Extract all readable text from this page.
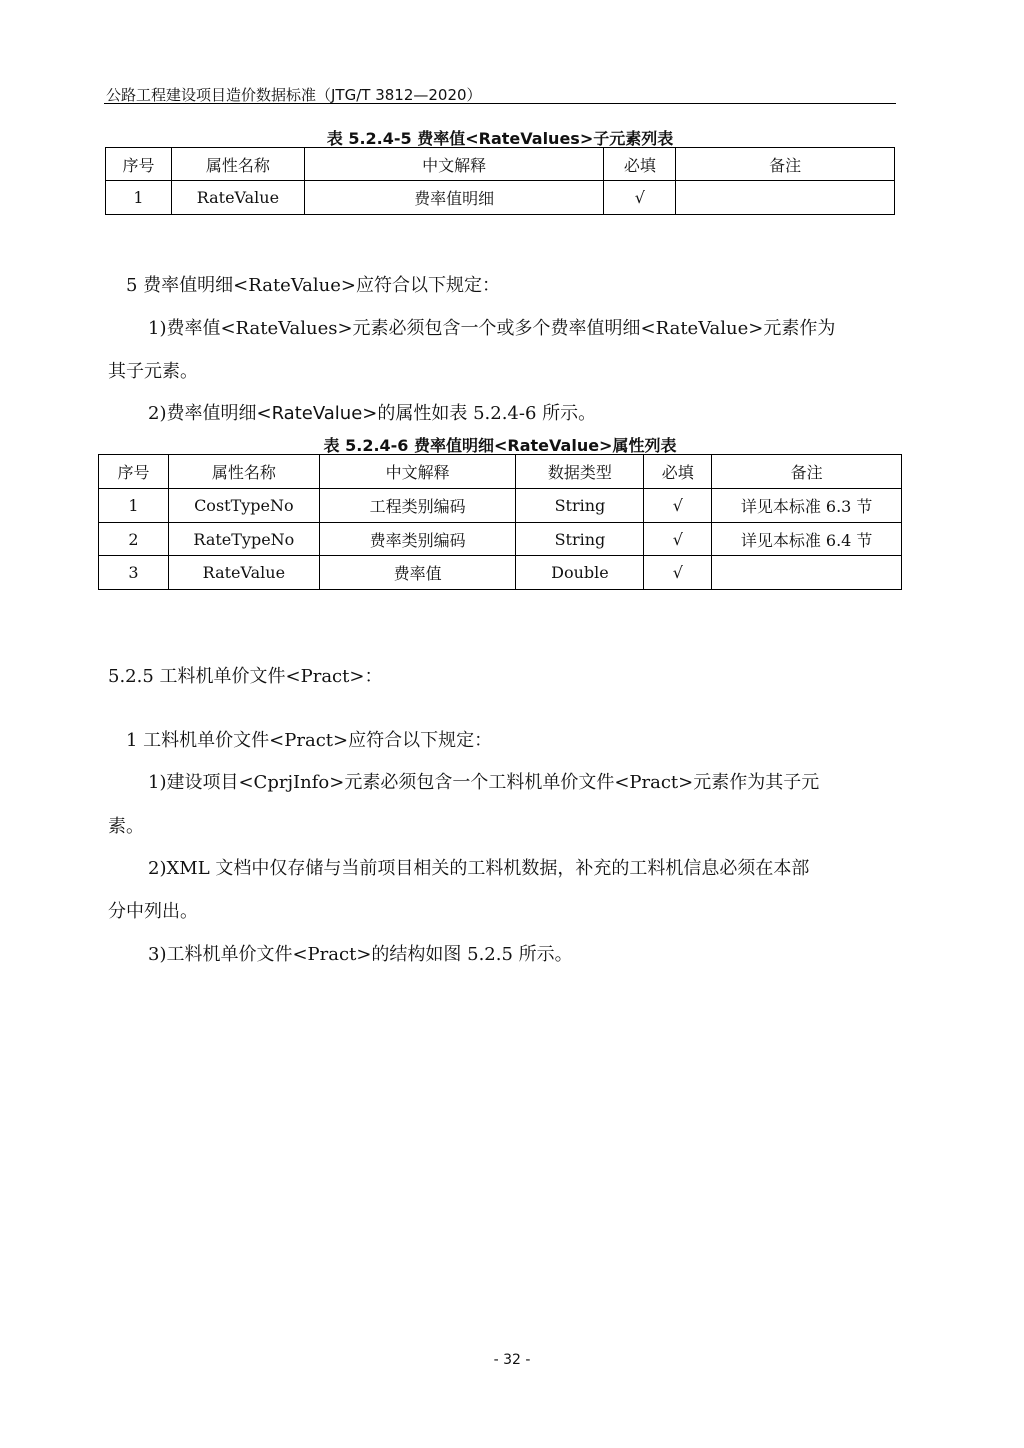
公路工程建设项目造价数据标准（JTG/T 3812—2020）
表 5.2.4-5 费率值<RateValues>子元素列表
序号	属性名称	中文解释	必填	备注
1	RateValue	费率值明细	√	
5 费率值明细<RateValue>应符合以下规定：
1)费率值<RateValues>元素必须包含一个或多个费率值明细<RateValue>元素作为
其子元素。
2)费率值明细<RateValue>的属性如表 5.2.4-6 所示。
表 5.2.4-6 费率值明细<RateValue>属性列表
序号	属性名称	中文解释	数据类型	必填	备注
1	CostTypeNo	工程类别编码	String	√	详见本标准 6.3 节
2	RateTypeNo	费率类别编码	String	√	详见本标准 6.4 节
3	RateValue	费率值	Double	√	
5.2.5 工料机单价文件<Pract>：
1 工料机单价文件<Pract>应符合以下规定：
1)建设项目<CprjInfo>元素必须包含一个工料机单价文件<Pract>元素作为其子元
素。
2)XML 文档中仅存储与当前项目相关的工料机数据，补充的工料机信息必须在本部
分中列出。
3)工料机单价文件<Pract>的结构如图 5.2.5 所示。
- 32 -
